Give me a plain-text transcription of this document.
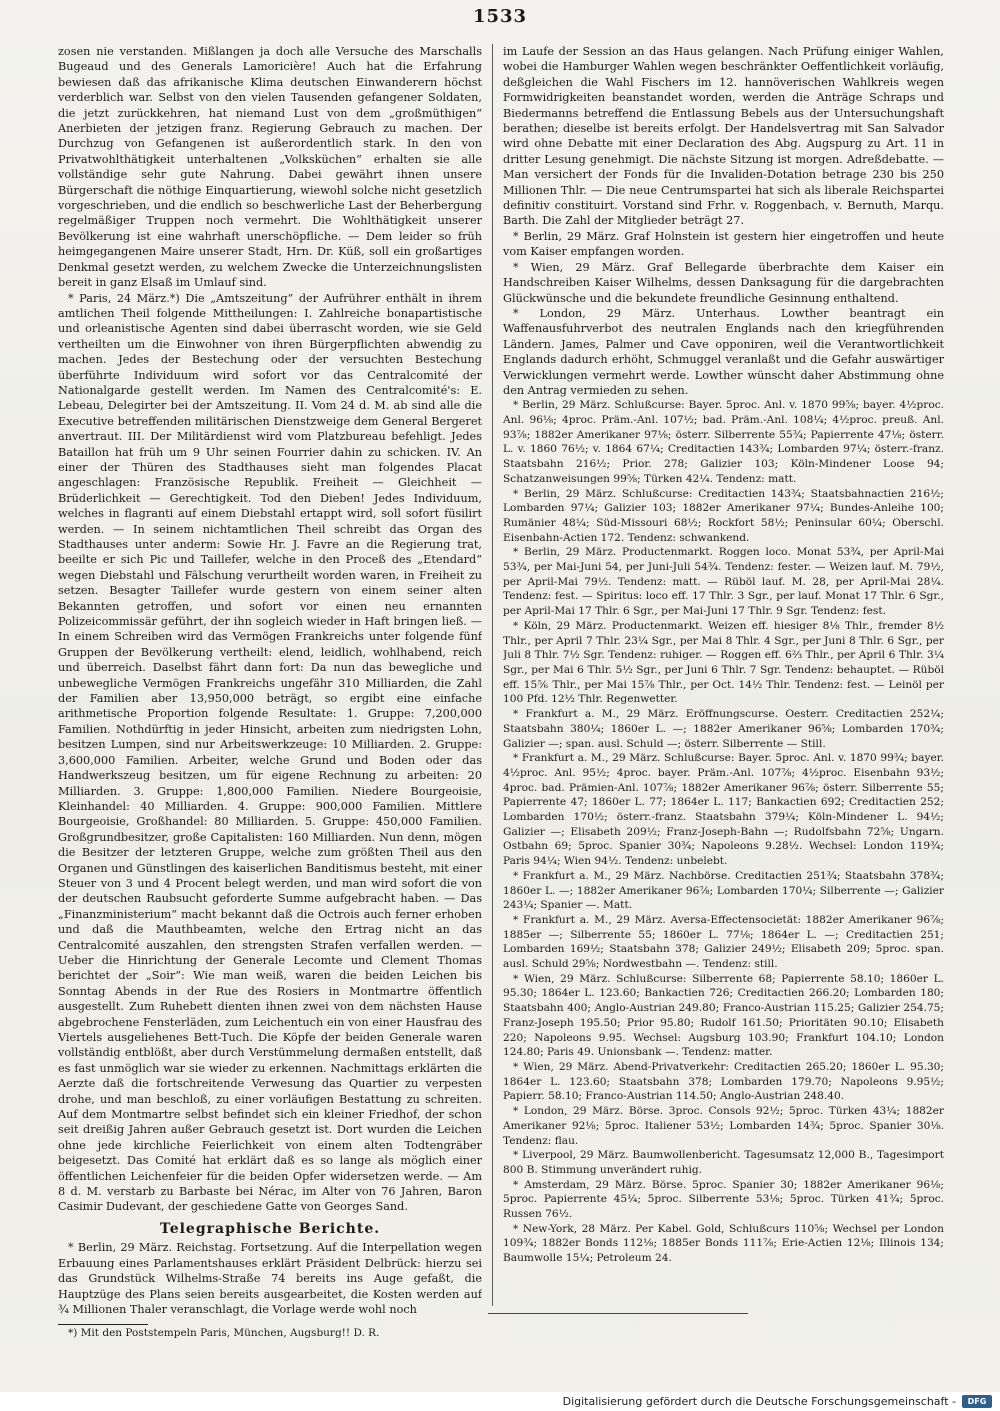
1533

zosen nie verstanden. Mißlangen ja doch alle Versuche des Marschalls Bugeaud und des Generals Lamoricière! Auch hat die Erfahrung bewiesen daß das afrikanische Klima deutschen Einwanderern höchst verderblich war. Selbst von den vielen Tausenden gefangener Soldaten, die jetzt zurückkehren, hat niemand Lust von dem „großmüthigen“ Anerbieten der jetzigen franz. Regierung Gebrauch zu machen. Der Durchzug von Gefangenen ist außerordentlich stark. In den von Privatwohlthätigkeit unterhaltenen „Volksküchen“ erhalten sie alle vollständige sehr gute Nahrung. Dabei gewährt ihnen unsere Bürgerschaft die nöthige Einquartierung, wiewohl solche nicht gesetzlich vorgeschrieben, und die endlich so beschwerliche Last der Beherbergung regelmäßiger Truppen noch vermehrt. Die Wohlthätigkeit unserer Bevölkerung ist eine wahrhaft unerschöpfliche. — Dem leider so früh heimgegangenen Maire unserer Stadt, Hrn. Dr. Küß, soll ein großartiges Denkmal gesetzt werden, zu welchem Zwecke die Unterzeichnungslisten bereit in ganz Elsaß im Umlauf sind.

* Paris, 24 März.*) Die „Amtszeitung“ der Aufrührer enthält in ihrem amtlichen Theil folgende Mittheilungen: I. Zahlreiche bonapartistische und orleanistische Agenten sind dabei überrascht worden, wie sie Geld vertheilten um die Einwohner von ihren Bürgerpflichten abwendig zu machen. Jedes der Bestechung oder der versuchten Bestechung überführte Individuum wird sofort vor das Centralcomité der Nationalgarde gestellt werden. Im Namen des Centralcomité's: E. Lebeau, Delegirter bei der Amtszeitung. II. Vom 24 d. M. ab sind alle die Executive betreffenden militärischen Dienstzweige dem General Bergeret anvertraut. III. Der Militärdienst wird vom Platzbureau befehligt. Jedes Bataillon hat früh um 9 Uhr seinen Fourrier dahin zu schicken. IV. An einer der Thüren des Stadthauses sieht man folgendes Placat angeschlagen: Französische Republik. Freiheit — Gleichheit — Brüderlichkeit — Gerechtigkeit. Tod den Dieben! Jedes Individuum, welches in flagranti auf einem Diebstahl ertappt wird, soll sofort füsilirt werden. — In seinem nichtamtlichen Theil schreibt das Organ des Stadthauses unter anderm: Sowie Hr. J. Favre an die Regierung trat, beeilte er sich Pic und Taillefer, welche in den Proceß des „Etendard“ wegen Diebstahl und Fälschung verurtheilt worden waren, in Freiheit zu setzen. Besagter Taillefer wurde gestern von einem seiner alten Bekannten getroffen, und sofort vor einen neu ernannten Polizeicommissär geführt, der ihn sogleich wieder in Haft bringen ließ. — In einem Schreiben wird das Vermögen Frankreichs unter folgende fünf Gruppen der Bevölkerung vertheilt: elend, leidlich, wohlhabend, reich und überreich. Daselbst fährt dann fort: Da nun das bewegliche und unbewegliche Vermögen Frankreichs ungefähr 310 Milliarden, die Zahl der Familien aber 13,950,000 beträgt, so ergibt eine einfache arithmetische Proportion folgende Resultate: 1. Gruppe: 7,200,000 Familien. Nothdürftig in jeder Hinsicht, arbeiten zum niedrigsten Lohn, besitzen Lumpen, sind nur Arbeitswerkzeuge: 10 Milliarden. 2. Gruppe: 3,600,000 Familien. Arbeiter, welche Grund und Boden oder das Handwerkszeug besitzen, um für eigene Rechnung zu arbeiten: 20 Milliarden. 3. Gruppe: 1,800,000 Familien. Niedere Bourgeoisie, Kleinhandel: 40 Milliarden. 4. Gruppe: 900,000 Familien. Mittlere Bourgeoisie, Großhandel: 80 Milliarden. 5. Gruppe: 450,000 Familien. Großgrundbesitzer, große Capitalisten: 160 Milliarden. Nun denn, mögen die Besitzer der letzteren Gruppe, welche zum größten Theil aus den Organen und Günstlingen des kaiserlichen Banditismus besteht, mit einer Steuer von 3 und 4 Procent belegt werden, und man wird sofort die von der deutschen Raubsucht geforderte Summe aufgebracht haben. — Das „Finanzministerium“ macht bekannt daß die Octrois auch ferner erhoben und daß die Mauthbeamten, welche den Ertrag nicht an das Centralcomité auszahlen, den strengsten Strafen verfallen werden. — Ueber die Hinrichtung der Generale Lecomte und Clement Thomas berichtet der „Soir“: Wie man weiß, waren die beiden Leichen bis Sonntag Abends in der Rue des Rosiers in Montmartre öffentlich ausgestellt. Zum Ruhebett dienten ihnen zwei von dem nächsten Hause abgebrochene Fensterläden, zum Leichentuch ein von einer Hausfrau des Viertels ausgeliehenes Bett-Tuch. Die Köpfe der beiden Generale waren vollständig entblößt, aber durch Verstümmelung dermaßen entstellt, daß es fast unmöglich war sie wieder zu erkennen. Nachmittags erklärten die Aerzte daß die fortschreitende Verwesung das Quartier zu verpesten drohe, und man beschloß, zu einer vorläufigen Bestattung zu schreiten. Auf dem Montmartre selbst befindet sich ein kleiner Friedhof, der schon seit dreißig Jahren außer Gebrauch gesetzt ist. Dort wurden die Leichen ohne jede kirchliche Feierlichkeit von einem alten Todtengräber beigesetzt. Das Comité hat erklärt daß es so lange als möglich einer öffentlichen Leichenfeier für die beiden Opfer widersetzen werde. — Am 8 d. M. verstarb zu Barbaste bei Nérac, im Alter von 76 Jahren, Baron Casimir Dudevant, der geschiedene Gatte von Georges Sand.

Telegraphische Berichte.

* Berlin, 29 März. Reichstag. Fortsetzung. Auf die Interpellation wegen Erbauung eines Parlamentshauses erklärt Präsident Delbrück: hierzu sei das Grundstück Wilhelms-Straße 74 bereits ins Auge gefaßt, die Hauptzüge des Plans seien bereits ausgearbeitet, die Kosten werden auf ¾ Millionen Thaler veranschlagt, die Vorlage werde wohl noch

*) Mit den Poststempeln Paris, München, Augsburg!! D. R.

im Laufe der Session an das Haus gelangen. Nach Prüfung einiger Wahlen, wobei die Hamburger Wahlen wegen beschränkter Oeffentlichkeit vorläufig, deßgleichen die Wahl Fischers im 12. hannöverischen Wahlkreis wegen Formwidrigkeiten beanstandet worden, werden die Anträge Schraps und Biedermanns betreffend die Entlassung Bebels aus der Untersuchungshaft berathen; dieselbe ist bereits erfolgt. Der Handelsvertrag mit San Salvador wird ohne Debatte mit einer Declaration des Abg. Augspurg zu Art. 11 in dritter Lesung genehmigt. Die nächste Sitzung ist morgen. Adreßdebatte. — Man versichert der Fonds für die Invaliden-Dotation betrage 230 bis 250 Millionen Thlr. — Die neue Centrumspartei hat sich als liberale Reichspartei definitiv constituirt. Vorstand sind Frhr. v. Roggenbach, v. Bernuth, Marqu. Barth. Die Zahl der Mitglieder beträgt 27.

* Berlin, 29 März. Graf Holnstein ist gestern hier eingetroffen und heute vom Kaiser empfangen worden.

* Wien, 29 März. Graf Bellegarde überbrachte dem Kaiser ein Handschreiben Kaiser Wilhelms, dessen Danksagung für die dargebrachten Glückwünsche und die bekundete freundliche Gesinnung enthaltend.

* London, 29 März. Unterhaus. Lowther beantragt ein Waffenausfuhrverbot des neutralen Englands nach den kriegführenden Ländern. James, Palmer und Cave opponiren, weil die Verantwortlichkeit Englands dadurch erhöht, Schmuggel veranlaßt und die Gefahr auswärtiger Verwicklungen vermehrt werde. Lowther wünscht daher Abstimmung ohne den Antrag vermieden zu sehen.

* Berlin, 29 März. Schlußcurse: Bayer. 5proc. Anl. v. 1870 99⅝; bayer. 4½proc. Anl. 96⅛; 4proc. Präm.-Anl. 107½; bad. Präm.-Anl. 108¼; 4½proc. preuß. Anl. 93⅞; 1882er Amerikaner 97⅛; österr. Silberrente 55¾; Papierrente 47⅛; österr. L. v. 1860 76½; v. 1864 67¼; Creditactien 143¾; Lombarden 97¼; österr.-franz. Staatsbahn 216½; Prior. 278; Galizier 103; Köln-Mindener Loose 94; Schatzanweisungen 99⅝; Türken 42¼. Tendenz: matt.

* Berlin, 29 März. Schlußcurse: Creditactien 143¾; Staatsbahnactien 216½; Lombarden 97¼; Galizier 103; 1882er Amerikaner 97¼; Bundes-Anleihe 100; Rumänier 48¼; Süd-Missouri 68½; Rockfort 58½; Peninsular 60¼; Oberschl. Eisenbahn-Actien 172. Tendenz: schwankend.

* Berlin, 29 März. Productenmarkt. Roggen loco. Monat 53¾, per April-Mai 53¾, per Mai-Juni 54, per Juni-Juli 54¾. Tendenz: fester. — Weizen lauf. M. 79½, per April-Mai 79½. Tendenz: matt. — Rüböl lauf. M. 28, per April-Mai 28¼. Tendenz: fest. — Spiritus: loco eff. 17 Thlr. 3 Sgr., per lauf. Monat 17 Thlr. 6 Sgr., per April-Mai 17 Thlr. 6 Sgr., per Mai-Juni 17 Thlr. 9 Sgr. Tendenz: fest.

* Köln, 29 März. Productenmarkt. Weizen eff. hiesiger 8⅛ Thlr., fremder 8½ Thlr., per April 7 Thlr. 23¼ Sgr., per Mai 8 Thlr. 4 Sgr., per Juni 8 Thlr. 6 Sgr., per Juli 8 Thlr. 7½ Sgr. Tendenz: ruhiger. — Roggen eff. 6⅔ Thlr., per April 6 Thlr. 3¼ Sgr., per Mai 6 Thlr. 5½ Sgr., per Juni 6 Thlr. 7 Sgr. Tendenz: behauptet. — Rüböl eff. 15⅚ Thlr., per Mai 15⅞ Thlr., per Oct. 14½ Thlr. Tendenz: fest. — Leinöl per 100 Pfd. 12½ Thlr. Regenwetter.

* Frankfurt a. M., 29 März. Eröffnungscurse. Oesterr. Creditactien 252¼; Staatsbahn 380¼; 1860er L. —; 1882er Amerikaner 96⅝; Lombarden 170¾; Galizier —; span. ausl. Schuld —; österr. Silberrente — Still.

* Frankfurt a. M., 29 März. Schlußcurse: Bayer. 5proc. Anl. v. 1870 99¾; bayer. 4½proc. Anl. 95½; 4proc. bayer. Präm.-Anl. 107⅞; 4½proc. Eisenbahn 93½; 4proc. bad. Prämien-Anl. 107⅞; 1882er Amerikaner 96⅞; österr. Silberrente 55; Papierrente 47; 1860er L. 77; 1864er L. 117; Bankactien 692; Creditactien 252; Lombarden 170½; österr.-franz. Staatsbahn 379¼; Köln-Mindener L. 94½; Galizier —; Elisabeth 209½; Franz-Joseph-Bahn —; Rudolfsbahn 72⅝; Ungarn. Ostbahn 69; 5proc. Spanier 30¾; Napoleons 9.28½. Wechsel: London 119¾; Paris 94¼; Wien 94½. Tendenz: unbelebt.

* Frankfurt a. M., 29 März. Nachbörse. Creditactien 251¾; Staatsbahn 378¾; 1860er L. —; 1882er Amerikaner 96⅞; Lombarden 170¼; Silberrente —; Galizier 243¼; Spanier —. Matt.

* Frankfurt a. M., 29 März. Aversa-Effectensocietät: 1882er Amerikaner 96⅞; 1885er —; Silberrente 55; 1860er L. 77⅛; 1864er L. —; Creditactien 251; Lombarden 169½; Staatsbahn 378; Galizier 249½; Elisabeth 209; 5proc. span. ausl. Schuld 29⅝; Nordwestbahn —. Tendenz: still.

* Wien, 29 März. Schlußcurse: Silberrente 68; Papierrente 58.10; 1860er L. 95.30; 1864er L. 123.60; Bankactien 726; Creditactien 266.20; Lombarden 180; Staatsbahn 400; Anglo-Austrian 249.80; Franco-Austrian 115.25; Galizier 254.75; Franz-Joseph 195.50; Prior 95.80; Rudolf 161.50; Prioritäten 90.10; Elisabeth 220; Napoleons 9.95. Wechsel: Augsburg 103.90; Frankfurt 104.10; London 124.80; Paris 49. Unionsbank —. Tendenz: matter.

* Wien, 29 März. Abend-Privatverkehr: Creditactien 265.20; 1860er L. 95.30; 1864er L. 123.60; Staatsbahn 378; Lombarden 179.70; Napoleons 9.95½; Papierr. 58.10; Franco-Austrian 114.50; Anglo-Austrian 248.40.

* London, 29 März. Börse. 3proc. Consols 92½; 5proc. Türken 43¼; 1882er Amerikaner 92⅛; 5proc. Italiener 53½; Lombarden 14¾; 5proc. Spanier 30⅛. Tendenz: flau.

* Liverpool, 29 März. Baumwollenbericht. Tagesumsatz 12,000 B., Tagesimport 800 B. Stimmung unverändert ruhig.

* Amsterdam, 29 März. Börse. 5proc. Spanier 30; 1882er Amerikaner 96⅛; 5proc. Papierrente 45¼; 5proc. Silberrente 53⅛; 5proc. Türken 41¾; 5proc. Russen 76½.

* New-York, 28 März. Per Kabel. Gold, Schlußcurs 110⅝; Wechsel per London 109¾; 1882er Bonds 112⅛; 1885er Bonds 111⅞; Erie-Actien 12⅛; Illinois 134; Baumwolle 15¼; Petroleum 24.

Digitalisierung gefördert durch die Deutsche Forschungsgemeinschaft -	DFG
